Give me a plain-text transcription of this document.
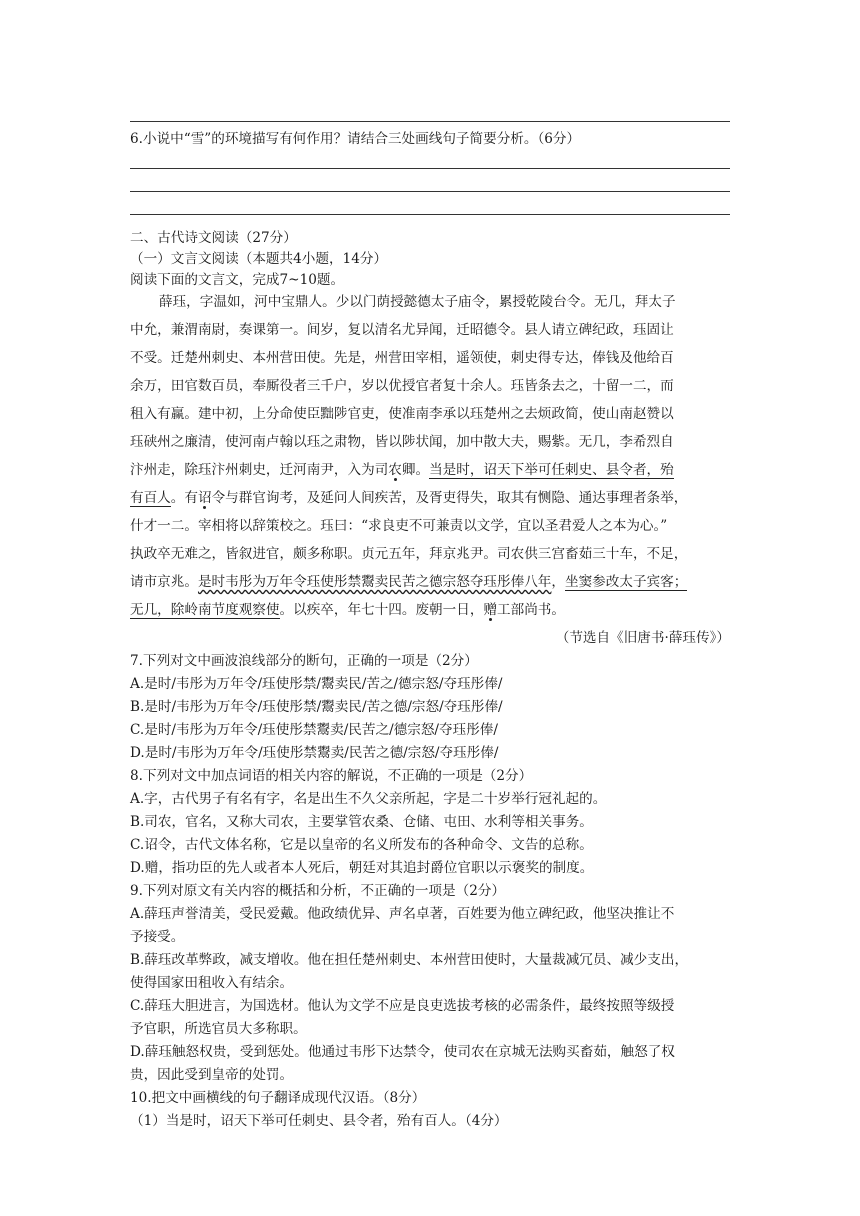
6.小说中“雪”的环境描写有何作用？请结合三处画线句子简要分析。（6分）
二、古代诗文阅读（27分）
（一）文言文阅读（本题共4小题，14分）
阅读下面的文言文，完成7~10题。
薛珏，字温如，河中宝鼎人。少以门荫授懿德太子庙令，累授乾陵台令。无几，拜太子
中允，兼渭南尉，奏课第一。间岁，复以清名尤异闻，迁昭德令。县人请立碑纪政，珏固让
不受。迁楚州刺史、本州营田使。先是，州营田宰相，遥领使，刺史得专达，俸钱及他给百
余万，田官数百员，奉厮役者三千户，岁以优授官者复十余人。珏皆条去之，十留一二，而
租入有赢。建中初，上分命使臣黜陟官吏，使准南李承以珏楚州之去烦政简，使山南赵赞以
珏硖州之廉清，使河南卢翰以珏之肃物，皆以陟状闻，加中散大夫，赐紫。无几，李希烈自
汴州走，除珏汴州刺史，迁河南尹，入为司农卿。当是时，诏天下举可任刺史、县令者，殆
有百人。有诏令与群官询考，及延问人间疾苦，及胥吏得失，取其有恻隐、通达事理者条举，
什才一二。宰相将以辞策校之。珏曰：“求良吏不可兼责以文学，宜以圣君爱人之本为心。”
执政卒无难之，皆叙进官，颇多称职。贞元五年，拜京兆尹。司农供三宫畜茹三十车，不足，
请市京兆。是时韦彤为万年令珏使彤禁鬻卖民苦之德宗怒夺珏彤俸八年，坐窦参改太子宾客；
无几，除岭南节度观察使。以疾卒，年七十四。废朝一日，赠工部尚书。
（节选自《旧唐书·薛珏传》）
7.下列对文中画波浪线部分的断句，正确的一项是（2分）
A.是时/韦彤为万年令/珏使彤禁/鬻卖民/苦之/德宗怒/夺珏彤俸/
B.是时/韦彤为万年令/珏使彤禁/鬻卖民/苦之德/宗怒/夺珏彤俸/
C.是时/韦彤为万年令/珏使彤禁鬻卖/民苦之/德宗怒/夺珏彤俸/
D.是时/韦彤为万年令/珏使彤禁鬻卖/民苦之德/宗怒/夺珏彤俸/
8.下列对文中加点词语的相关内容的解说，不正确的一项是（2分）
A.字，古代男子有名有字，名是出生不久父亲所起，字是二十岁举行冠礼起的。
B.司农，官名，又称大司农，主要掌管农桑、仓储、屯田、水利等相关事务。
C.诏令，古代文体名称，它是以皇帝的名义所发布的各种命令、文告的总称。
D.赠，指功臣的先人或者本人死后，朝廷对其追封爵位官职以示褒奖的制度。
9.下列对原文有关内容的概括和分析，不正确的一项是（2分）
A.薛珏声誉清美，受民爱戴。他政绩优异、声名卓著，百姓要为他立碑纪政，他坚决推让不
予接受。
B.薛珏改革弊政，减支增收。他在担任楚州刺史、本州营田使时，大量裁减冗员、减少支出，
使得国家田租收入有结余。
C.薛珏大胆进言，为国选材。他认为文学不应是良吏选拔考核的必需条件，最终按照等级授
予官职，所选官员大多称职。
D.薛珏触怒权贵，受到惩处。他通过韦彤下达禁令，使司农在京城无法购买畜茹，触怒了权
贵，因此受到皇帝的处罚。
10.把文中画横线的句子翻译成现代汉语。（8分）
（1）当是时，诏天下举可任刺史、县令者，殆有百人。（4分）
